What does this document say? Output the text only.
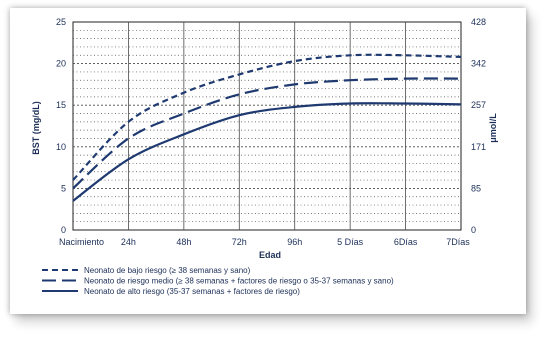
0
5
10
15
20
25
0
85
171
257
342
428
Nacimiento 24h	48h	72h	96h	5 Días	6Días	7Días
BST (mg/dL)	μmol/L
Edad
Neonato de bajo riesgo (≥ 38 semanas y sano)
Neonato de riesgo medio (≥ 38 semanas + factores de riesgo o 35-37 semanas y sano)
Neonato de alto riesgo (35-37 semanas + factores de riesgo)
